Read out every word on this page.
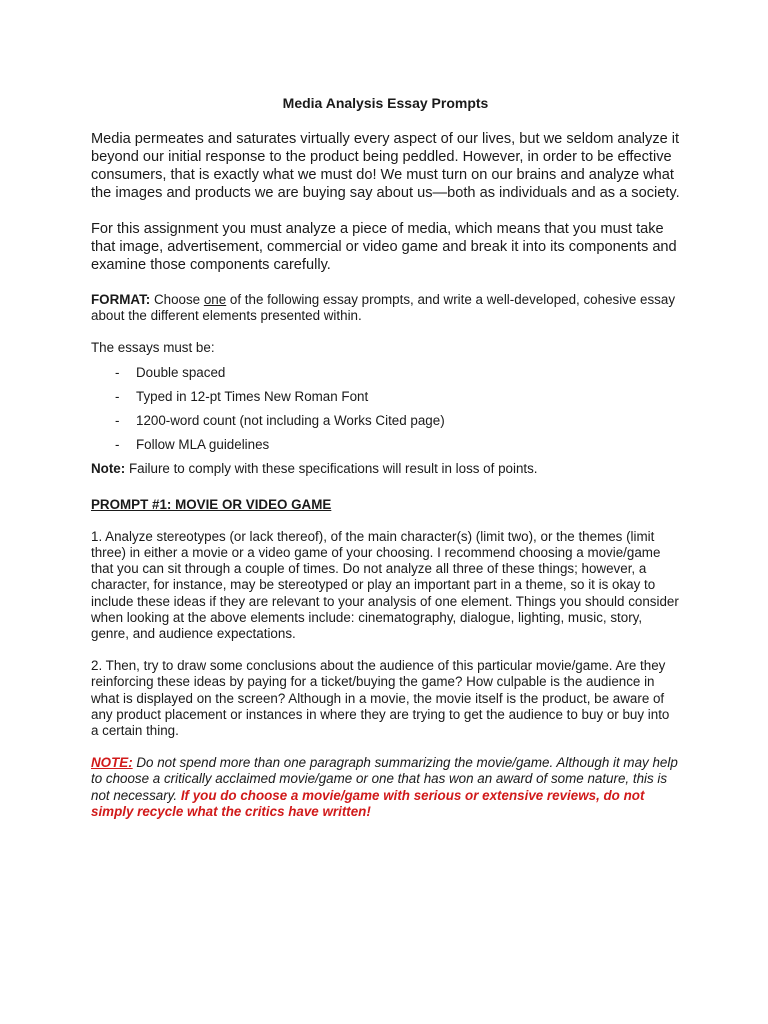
Media Analysis Essay Prompts

Media permeates and saturates virtually every aspect of our lives, but we seldom analyze it beyond our initial response to the product being peddled. However, in order to be effective consumers, that is exactly what we must do! We must turn on our brains and analyze what the images and products we are buying say about us—both as individuals and as a society.

For this assignment you must analyze a piece of media, which means that you must take that image, advertisement, commercial or video game and break it into its components and examine those components carefully.

FORMAT: Choose one of the following essay prompts, and write a well-developed, cohesive essay about the different elements presented within.

The essays must be:

- Double spaced
- Typed in 12-pt Times New Roman Font
- 1200-word count (not including a Works Cited page)
- Follow MLA guidelines

Note: Failure to comply with these specifications will result in loss of points.

PROMPT #1: MOVIE OR VIDEO GAME

1. Analyze stereotypes (or lack thereof), of the main character(s) (limit two), or the themes (limit three) in either a movie or a video game of your choosing. I recommend choosing a movie/game that you can sit through a couple of times. Do not analyze all three of these things; however, a character, for instance, may be stereotyped or play an important part in a theme, so it is okay to include these ideas if they are relevant to your analysis of one element. Things you should consider when looking at the above elements include: cinematography, dialogue, lighting, music, story, genre, and audience expectations.

2. Then, try to draw some conclusions about the audience of this particular movie/game. Are they reinforcing these ideas by paying for a ticket/buying the game? How culpable is the audience in what is displayed on the screen? Although in a movie, the movie itself is the product, be aware of any product placement or instances in where they are trying to get the audience to buy or buy into a certain thing.

NOTE: Do not spend more than one paragraph summarizing the movie/game. Although it may help to choose a critically acclaimed movie/game or one that has won an award of some nature, this is not necessary. If you do choose a movie/game with serious or extensive reviews, do not simply recycle what the critics have written!
